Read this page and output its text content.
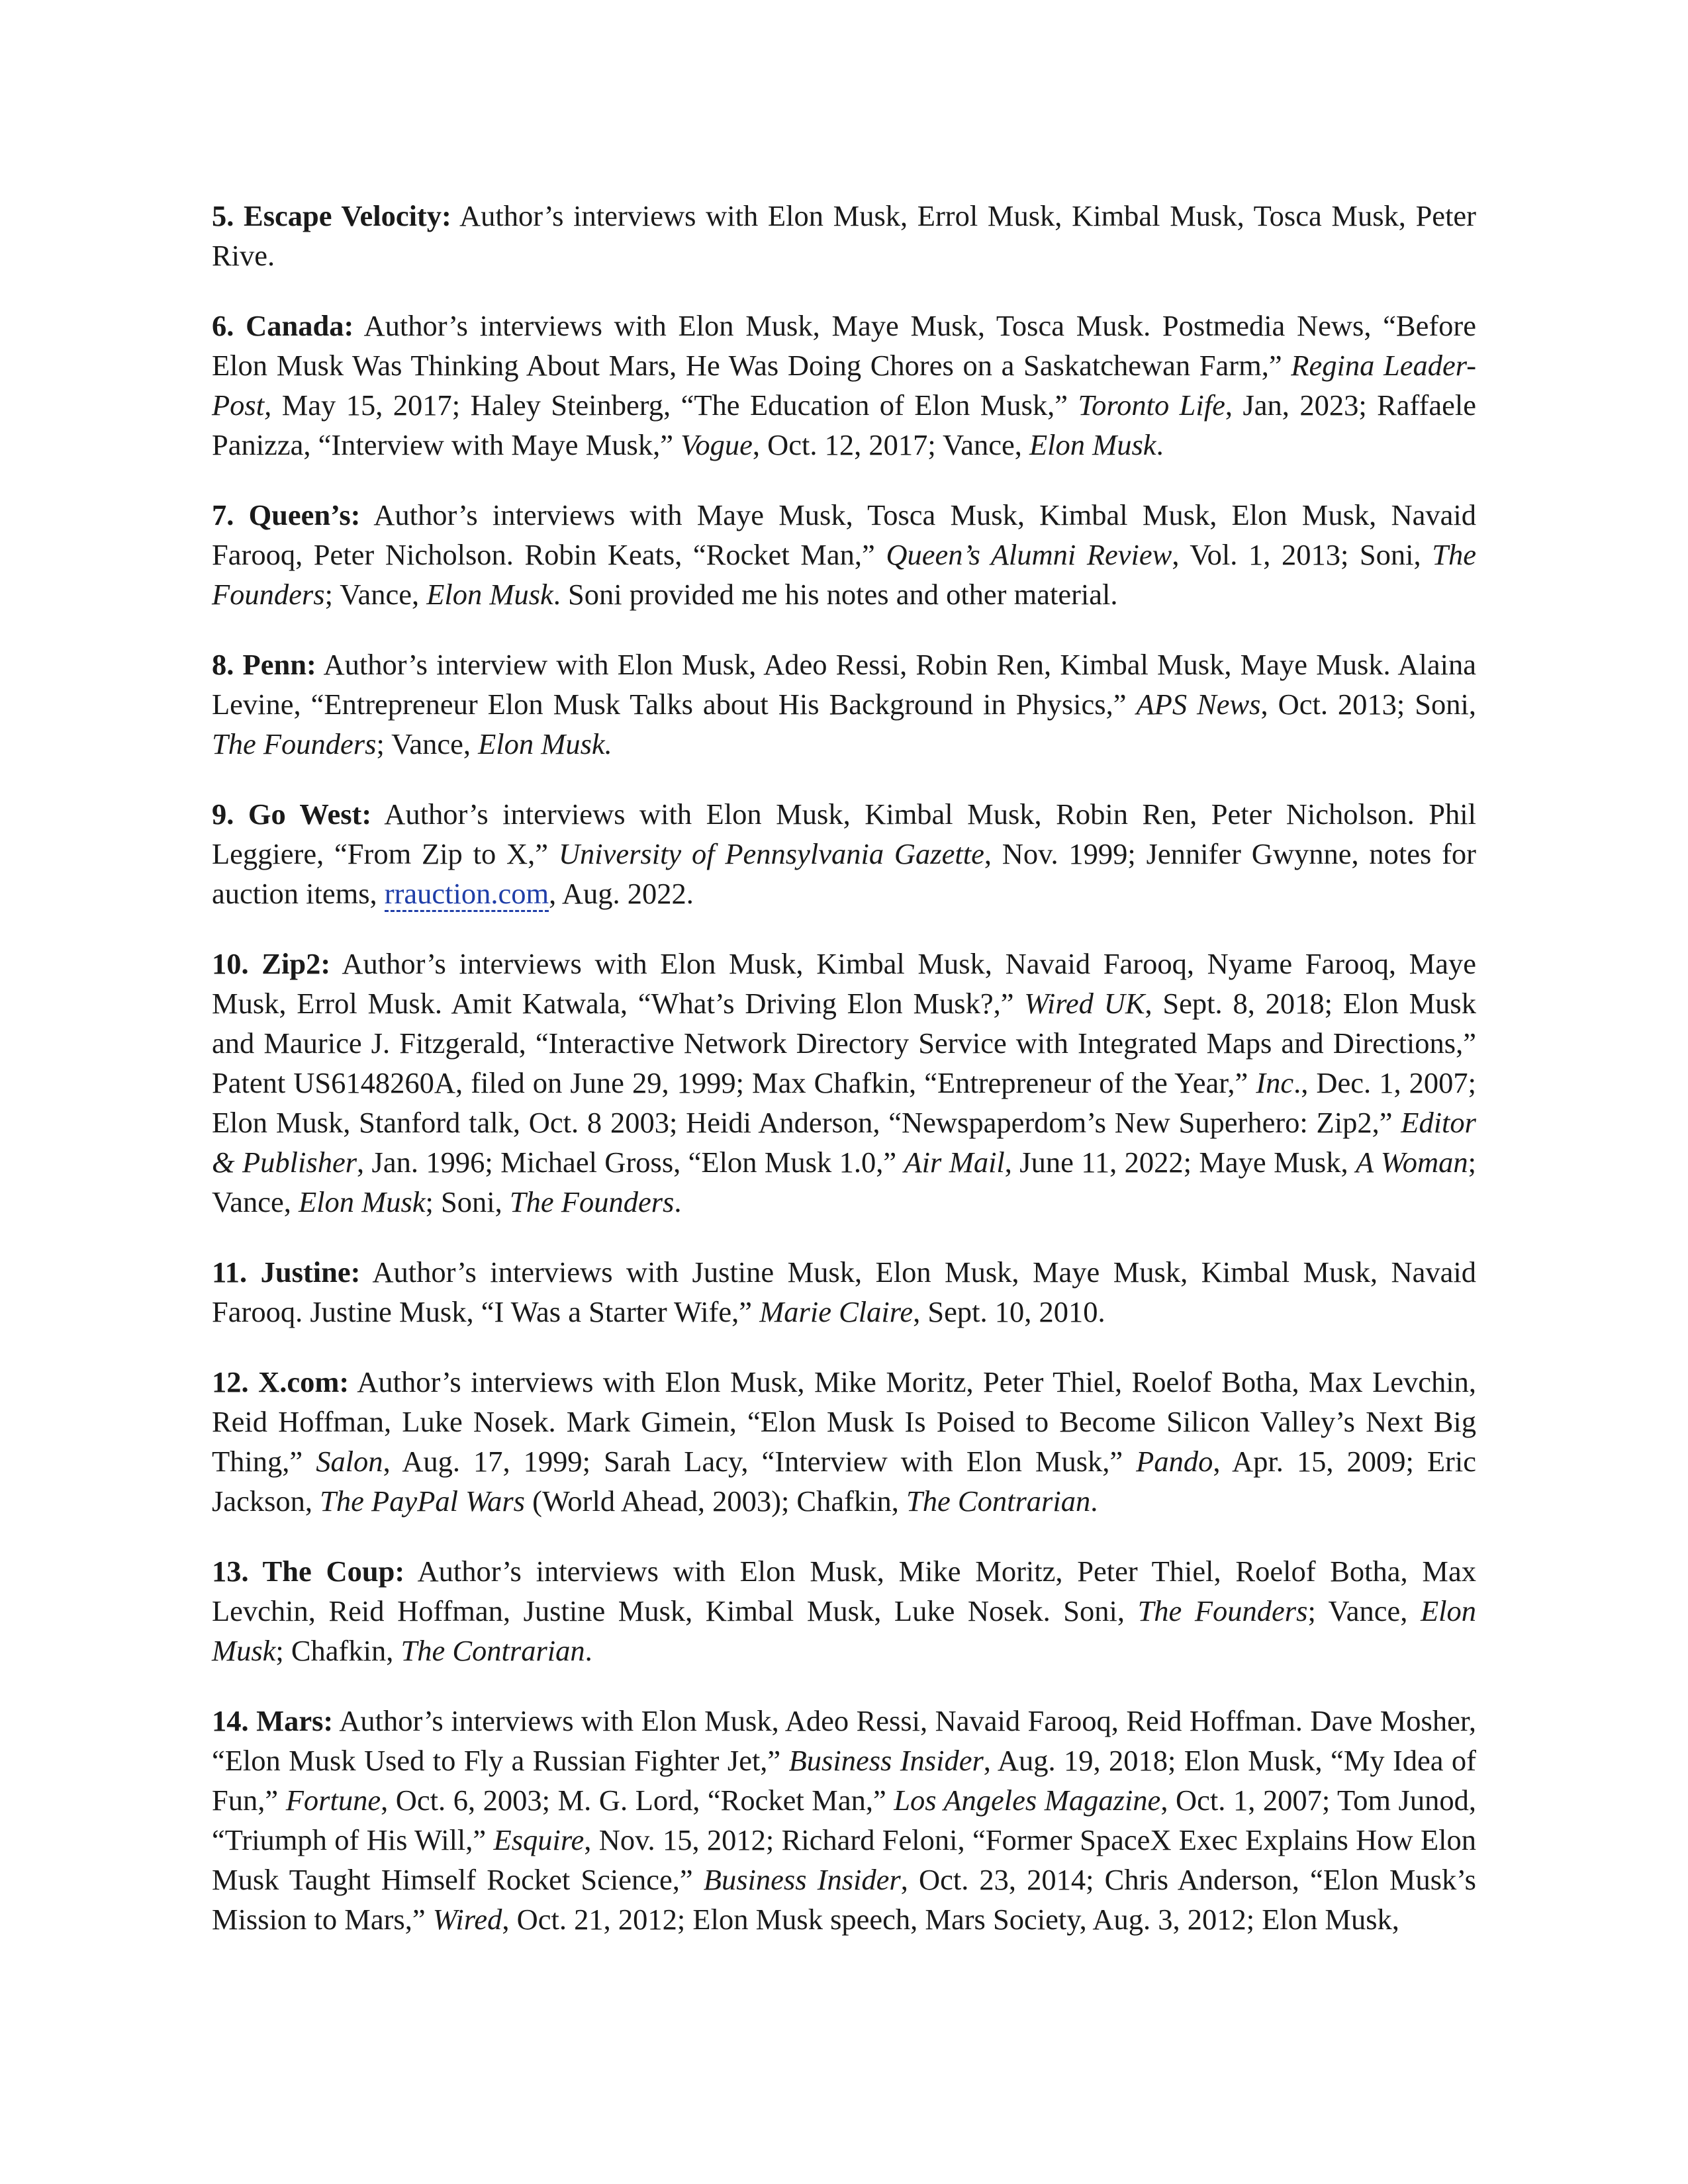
5. Escape Velocity: Author’s interviews with Elon Musk, Errol Musk, Kimbal Musk, Tosca Musk, Peter Rive.

6. Canada: Author’s interviews with Elon Musk, Maye Musk, Tosca Musk. Postmedia News, “Before Elon Musk Was Thinking About Mars, He Was Doing Chores on a Saskatchewan Farm,” Regina Leader-Post, May 15, 2017; Haley Steinberg, “The Education of Elon Musk,” Toronto Life, Jan, 2023; Raffaele Panizza, “Interview with Maye Musk,” Vogue, Oct. 12, 2017; Vance, Elon Musk.

7. Queen’s: Author’s interviews with Maye Musk, Tosca Musk, Kimbal Musk, Elon Musk, Navaid Farooq, Peter Nicholson. Robin Keats, “Rocket Man,” Queen’s Alumni Review, Vol. 1, 2013; Soni, The Founders; Vance, Elon Musk. Soni provided me his notes and other material.

8. Penn: Author’s interview with Elon Musk, Adeo Ressi, Robin Ren, Kimbal Musk, Maye Musk. Alaina Levine, “Entrepreneur Elon Musk Talks about His Background in Physics,” APS News, Oct. 2013; Soni, The Founders; Vance, Elon Musk.

9. Go West: Author’s interviews with Elon Musk, Kimbal Musk, Robin Ren, Peter Nicholson. Phil Leggiere, “From Zip to X,” University of Pennsylvania Gazette, Nov. 1999; Jennifer Gwynne, notes for auction items, rrauction.com, Aug. 2022.

10. Zip2: Author’s interviews with Elon Musk, Kimbal Musk, Navaid Farooq, Nyame Farooq, Maye Musk, Errol Musk. Amit Katwala, “What’s Driving Elon Musk?,” Wired UK, Sept. 8, 2018; Elon Musk and Maurice J. Fitzgerald, “Interactive Network Directory Service with Integrated Maps and Directions,” Patent US6148260A, filed on June 29, 1999; Max Chafkin, “Entrepreneur of the Year,” Inc., Dec. 1, 2007; Elon Musk, Stanford talk, Oct. 8 2003; Heidi Anderson, “Newspaperdom’s New Superhero: Zip2,” Editor & Publisher, Jan. 1996; Michael Gross, “Elon Musk 1.0,” Air Mail, June 11, 2022; Maye Musk, A Woman; Vance, Elon Musk; Soni, The Founders.

11. Justine: Author’s interviews with Justine Musk, Elon Musk, Maye Musk, Kimbal Musk, Navaid Farooq. Justine Musk, “I Was a Starter Wife,” Marie Claire, Sept. 10, 2010.

12. X.com: Author’s interviews with Elon Musk, Mike Moritz, Peter Thiel, Roelof Botha, Max Levchin, Reid Hoffman, Luke Nosek. Mark Gimein, “Elon Musk Is Poised to Become Silicon Valley’s Next Big Thing,” Salon, Aug. 17, 1999; Sarah Lacy, “Interview with Elon Musk,” Pando, Apr. 15, 2009; Eric Jackson, The PayPal Wars (World Ahead, 2003); Chafkin, The Contrarian.

13. The Coup: Author’s interviews with Elon Musk, Mike Moritz, Peter Thiel, Roelof Botha, Max Levchin, Reid Hoffman, Justine Musk, Kimbal Musk, Luke Nosek. Soni, The Founders; Vance, Elon Musk; Chafkin, The Contrarian.

14. Mars: Author’s interviews with Elon Musk, Adeo Ressi, Navaid Farooq, Reid Hoffman. Dave Mosher, “Elon Musk Used to Fly a Russian Fighter Jet,” Business Insider, Aug. 19, 2018; Elon Musk, “My Idea of Fun,” Fortune, Oct. 6, 2003; M. G. Lord, “Rocket Man,” Los Angeles Magazine, Oct. 1, 2007; Tom Junod, “Triumph of His Will,” Esquire, Nov. 15, 2012; Richard Feloni, “Former SpaceX Exec Explains How Elon Musk Taught Himself Rocket Science,” Business Insider, Oct. 23, 2014; Chris Anderson, “Elon Musk’s Mission to Mars,” Wired, Oct. 21, 2012; Elon Musk speech, Mars Society, Aug. 3, 2012; Elon Musk,
